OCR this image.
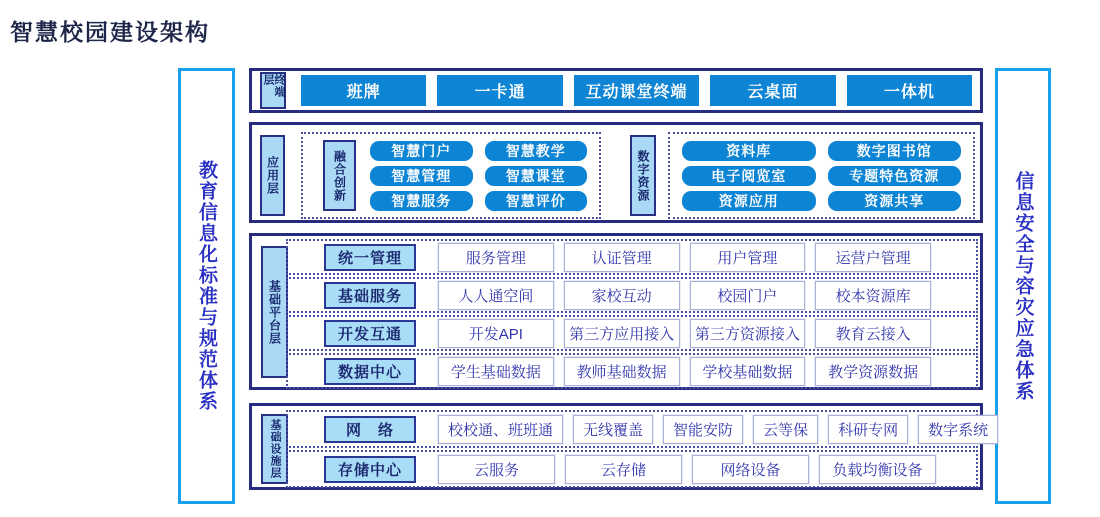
智慧校园建设架构
教育信息化标准与规范体系	信息安全与容灾应急体系
终端层
班牌	一卡通	互动课堂终端	云桌面	一体机
应用层	融合创新	智慧门户	智慧教学
智慧管理	智慧课堂
智慧服务	智慧评价	数字资源	资料库	数字图书馆
电子阅览室	专题特色资源
资源应用	资源共享
基础平台层
统一管理	服务管理	认证管理	用户管理	运营户管理
基础服务	人人通空间	家校互动	校园门户	校本资源库
开发互通	开发API	第三方应用接入	第三方资源接入	教育云接入
数据中心	学生基础数据	教师基础数据	学校基础数据	教学资源数据
基础设施层	网　络	校校通、班班通	无线覆盖	智能安防	云等保	科研专网	数字系统
存储中心	云服务	云存储	网络设备	负载均衡设备
